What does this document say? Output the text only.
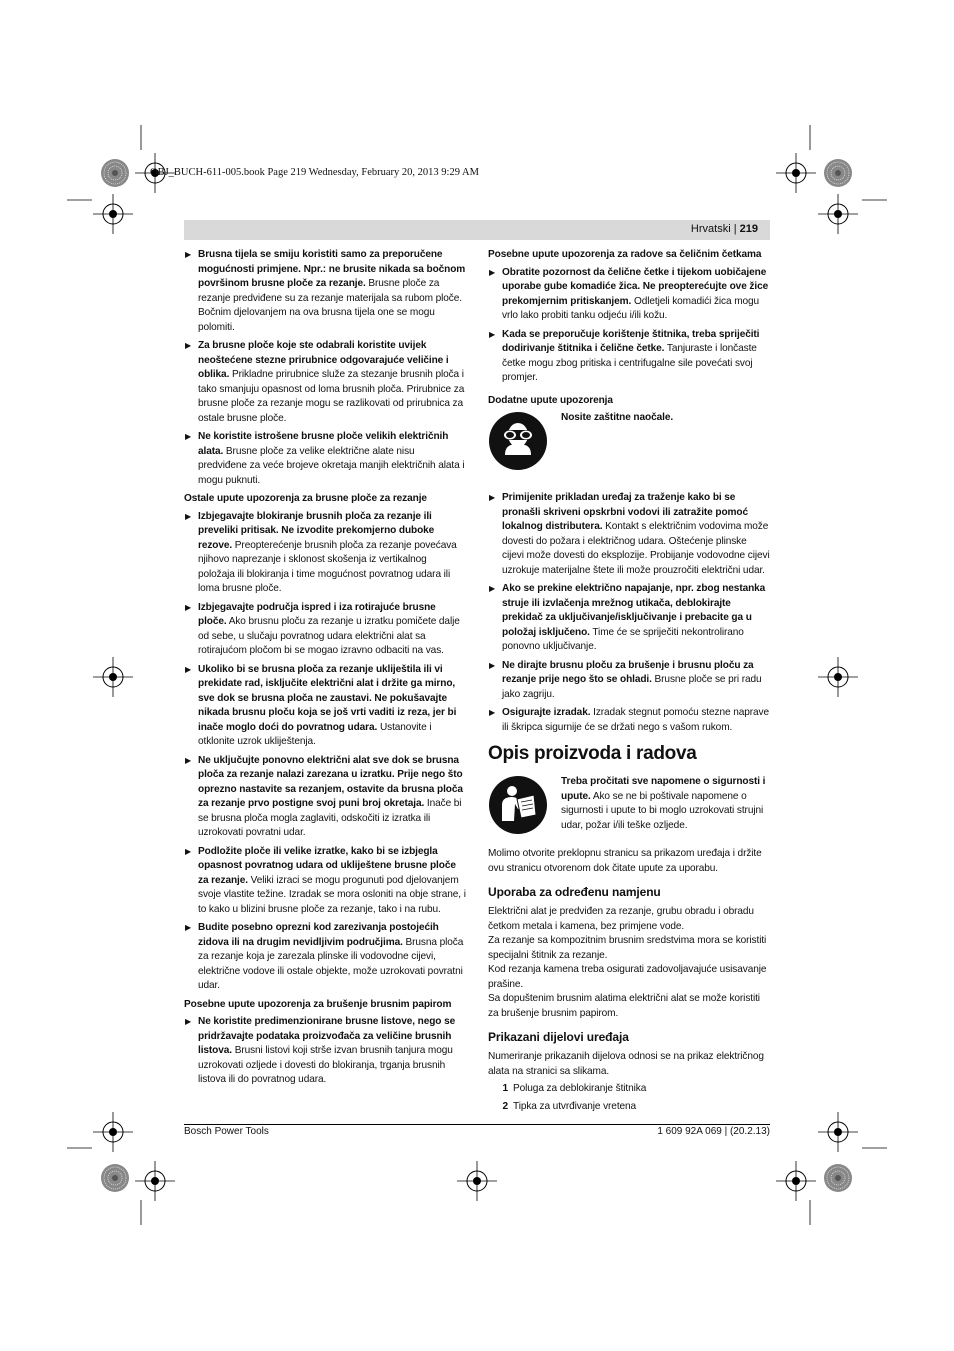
OBJ_BUCH-611-005.book Page 219 Wednesday, February 20, 2013 9:29 AM
Hrvatski | 219
▶ Brusna tijela se smiju koristiti samo za preporučene mogućnosti primjene. Npr.: ne brusite nikada sa bočnom površinom brusne ploče za rezanje. Brusne ploče za rezanje predviđene su za rezanje materijala sa rubom ploče. Bočnim djelovanjem na ova brusna tijela one se mogu polomiti.
▶ Za brusne ploče koje ste odabrali koristite uvijek neoštećene stezne prirubnice odgovarajuće veličine i oblika. Prikladne prirubnice služe za stezanje brusnih ploča i tako smanjuju opasnost od loma brusnih ploča. Prirubnice za brusne ploče za rezanje mogu se razlikovati od prirubnica za ostale brusne ploče.
▶ Ne koristite istrošene brusne ploče velikih električnih alata. Brusne ploče za velike električne alate nisu predviđene za veće brojeve okretaja manjih električnih alata i mogu puknuti.
Ostale upute upozorenja za brusne ploče za rezanje
▶ Izbjegavajte blokiranje brusnih ploča za rezanje ili preveliki pritisak. Ne izvodite prekomjerno duboke rezove. Preopterećenje brusnih ploča za rezanje povećava njihovo naprezanje i sklonost skošenja iz vertikalnog položaja ili blokiranja i time mogućnost povratnog udara ili loma brusne ploče.
▶ Izbjegavajte područja ispred i iza rotirajuće brusne ploče. Ako brusnu ploču za rezanje u izratku pomičete dalje od sebe, u slučaju povratnog udara električni alat sa rotirajućom pločom bi se mogao izravno odbaciti na vas.
▶ Ukoliko bi se brusna ploča za rezanje ukliještila ili vi prekidate rad, isključite električni alat i držite ga mirno, sve dok se brusna ploča ne zaustavi. Ne pokušavajte nikada brusnu ploču koja se još vrti vaditi iz reza, jer bi inače moglo doći do povratnog udara. Ustanovite i otklonite uzrok ukliještenja.
▶ Ne uključujte ponovno električni alat sve dok se brusna ploča za rezanje nalazi zarezana u izratku. Prije nego što oprezno nastavite sa rezanjem, ostavite da brusna ploča za rezanje prvo postigne svoj puni broj okretaja. Inače bi se brusna ploča mogla zaglaviti, odskočiti iz izratka ili uzrokovati povratni udar.
▶ Podložite ploče ili velike izratke, kako bi se izbjegla opasnost povratnog udara od ukliještene brusne ploče za rezanje. Veliki izraci se mogu progunuti pod djelovanjem svoje vlastite težine. Izradak se mora osloniti na obje strane, i to kako u blizini brusne ploče za rezanje, tako i na rubu.
▶ Budite posebno oprezni kod zarezivanja postojećih zidova ili na drugim nevidljivim područjima. Brusna ploča za rezanje koja je zarezala plinske ili vodovodne cijevi, električne vodove ili ostale objekte, može uzrokovati povratni udar.
Posebne upute upozorenja za brušenje brusnim papirom
▶ Ne koristite predimenzionirane brusne listove, nego se pridržavajte podataka proizvođača za veličine brusnih listova. Brusni listovi koji strše izvan brusnih tanjura mogu uzrokovati ozljede i dovesti do blokiranja, trganja brusnih listova ili do povratnog udara.
Posebne upute upozorenja za radove sa čeličnim četkama
▶ Obratite pozornost da čelične četke i tijekom uobičajene uporabe gube komadiće žica. Ne preopterećujte ove žice prekomjernim pritiskanjem. Odletjeli komadići žica mogu vrlo lako probiti tanku odjeću i/ili kožu.
▶ Kada se preporučuje korištenje štitnika, treba spriječiti dodirivanje štitnika i čelične četke. Tanjuraste i lončaste četke mogu zbog pritiska i centrifugalne sile povećati svoj promjer.
Dodatne upute upozorenja
Nosite zaštitne naočale.
▶ Primijenite prikladan uređaj za traženje kako bi se pronašli skriveni opskrbni vodovi ili zatražite pomoć lokalnog distributera. Kontakt s električnim vodovima može dovesti do požara i električnog udara. Oštećenje plinske cijevi može dovesti do eksplozije. Probijanje vodovodne cijevi uzrokuje materijalne štete ili može prouzročiti električni udar.
▶ Ako se prekine električno napajanje, npr. zbog nestanka struje ili izvlačenja mrežnog utikača, deblokirajte prekidač za uključivanje/isključivanje i prebacite ga u položaj isključeno. Time će se spriječiti nekontrolirano ponovno uključivanje.
▶ Ne dirajte brusnu ploču za brušenje i brusnu ploču za rezanje prije nego što se ohladi. Brusne ploče se pri radu jako zagriju.
▶ Osigurajte izradak. Izradak stegnut pomoću stezne naprave ili škripca sigurnije će se držati nego s vašom rukom.
Opis proizvoda i radova
Treba pročitati sve napomene o sigurnosti i upute. Ako se ne bi poštivale napomene o sigurnosti i upute to bi moglo uzrokovati strujni udar, požar i/ili teške ozljede.

Molimo otvorite preklopnu stranicu sa prikazom uređaja i držite ovu stranicu otvorenom dok čitate upute za uporabu.

Uporaba za određenu namjenu

Električni alat je predviđen za rezanje, grubu obradu i obradu četkom metala i kamena, bez primjene vode.

Za rezanje sa kompozitnim brusnim sredstvima mora se koristiti specijalni štitnik za rezanje.

Kod rezanja kamena treba osigurati zadovoljavajuće usisavanje prašine.

Sa dopuštenim brusnim alatima električni alat se može koristiti za brušenje brusnim papirom.

Prikazani dijelovi uređaja

Numeriranje prikazanih dijelova odnosi se na prikaz električnog alata na stranici sa slikama.

1 Poluga za deblokiranje štitnika
2 Tipka za utvrđivanje vretena
Bosch Power Tools	1 609 92A 069 | (20.2.13)
